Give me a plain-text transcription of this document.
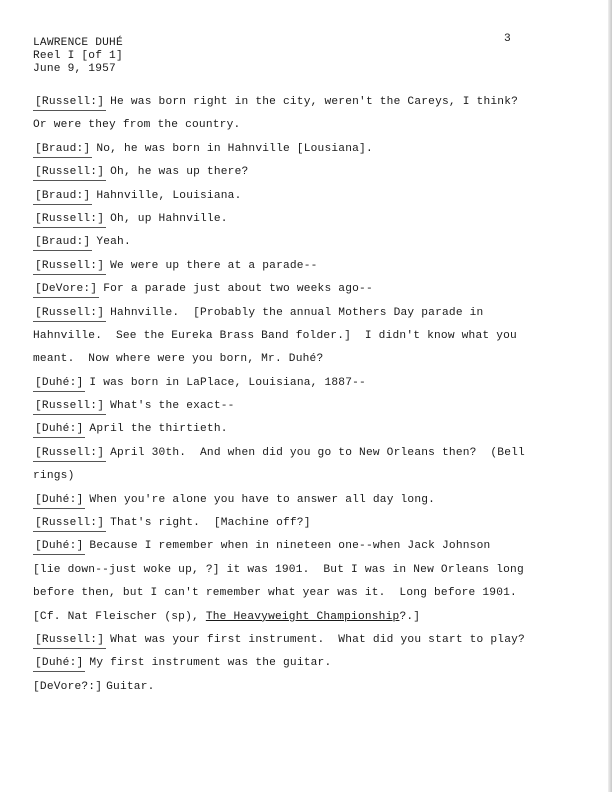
LAWRENCE DUHÉ
Reel I [of 1]
June 9, 1957
3
[Russell:] He was born right in the city, weren't the Careys, I think?
Or were they from the country.
[Braud:] No, he was born in Hahnville [Lousiana].
[Russell:] Oh, he was up there?
[Braud:] Hahnville, Louisiana.
[Russell:] Oh, up Hahnville.
[Braud:] Yeah.
[Russell:] We were up there at a parade--
[DeVore:] For a parade just about two weeks ago--
[Russell:] Hahnville.  [Probably the annual Mothers Day parade in
Hahnville.  See the Eureka Brass Band folder.]  I didn't know what you
meant.  Now where were you born, Mr. Duhé?
[Duhé:] I was born in LaPlace, Louisiana, 1887--
[Russell:] What's the exact--
[Duhé:] April the thirtieth.
[Russell:] April 30th.  And when did you go to New Orleans then?  (Bell
rings)
[Duhé:] When you're alone you have to answer all day long.
[Russell:] That's right.  [Machine off?]
[Duhé:] Because I remember when in nineteen one--when Jack Johnson
[lie down--just woke up, ?] it was 1901.  But I was in New Orleans long
before then, but I can't remember what year was it.  Long before 1901.
[Cf. Nat Fleischer (sp), The Heavyweight Championship?.]
[Russell:] What was your first instrument.  What did you start to play?
[Duhé:] My first instrument was the guitar.
[DeVore?:] Guitar.
